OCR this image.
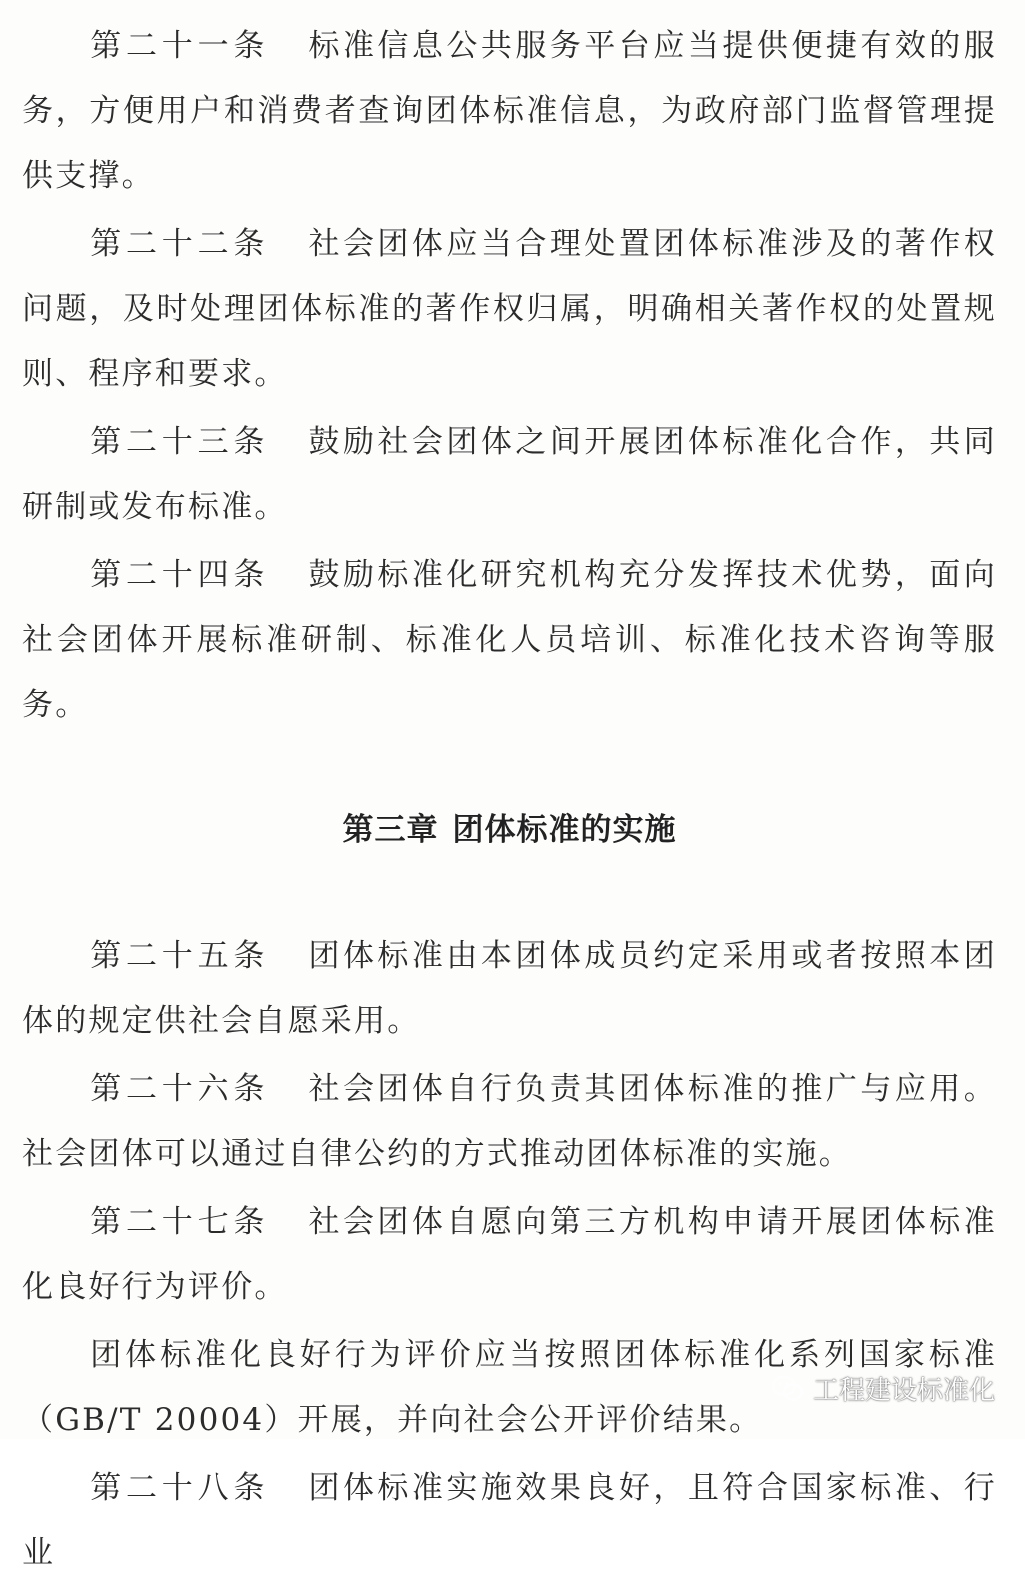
第二十一条 标准信息公共服务平台应当提供便捷有效的服务，方便用户和消费者查询团体标准信息，为政府部门监督管理提供支撑。

第二十二条 社会团体应当合理处置团体标准涉及的著作权问题，及时处理团体标准的著作权归属，明确相关著作权的处置规则、程序和要求。

第二十三条 鼓励社会团体之间开展团体标准化合作，共同研制或发布标准。

第二十四条 鼓励标准化研究机构充分发挥技术优势，面向社会团体开展标准研制、标准化人员培训、标准化技术咨询等服务。

第三章 团体标准的实施

第二十五条 团体标准由本团体成员约定采用或者按照本团体的规定供社会自愿采用。

第二十六条 社会团体自行负责其团体标准的推广与应用。社会团体可以通过自律公约的方式推动团体标准的实施。

第二十七条 社会团体自愿向第三方机构申请开展团体标准化良好行为评价。

团体标准化良好行为评价应当按照团体标准化系列国家标准（GB/T 20004）开展，并向社会公开评价结果。

第二十八条 团体标准实施效果良好，且符合国家标准、行业

工程建设标准化
